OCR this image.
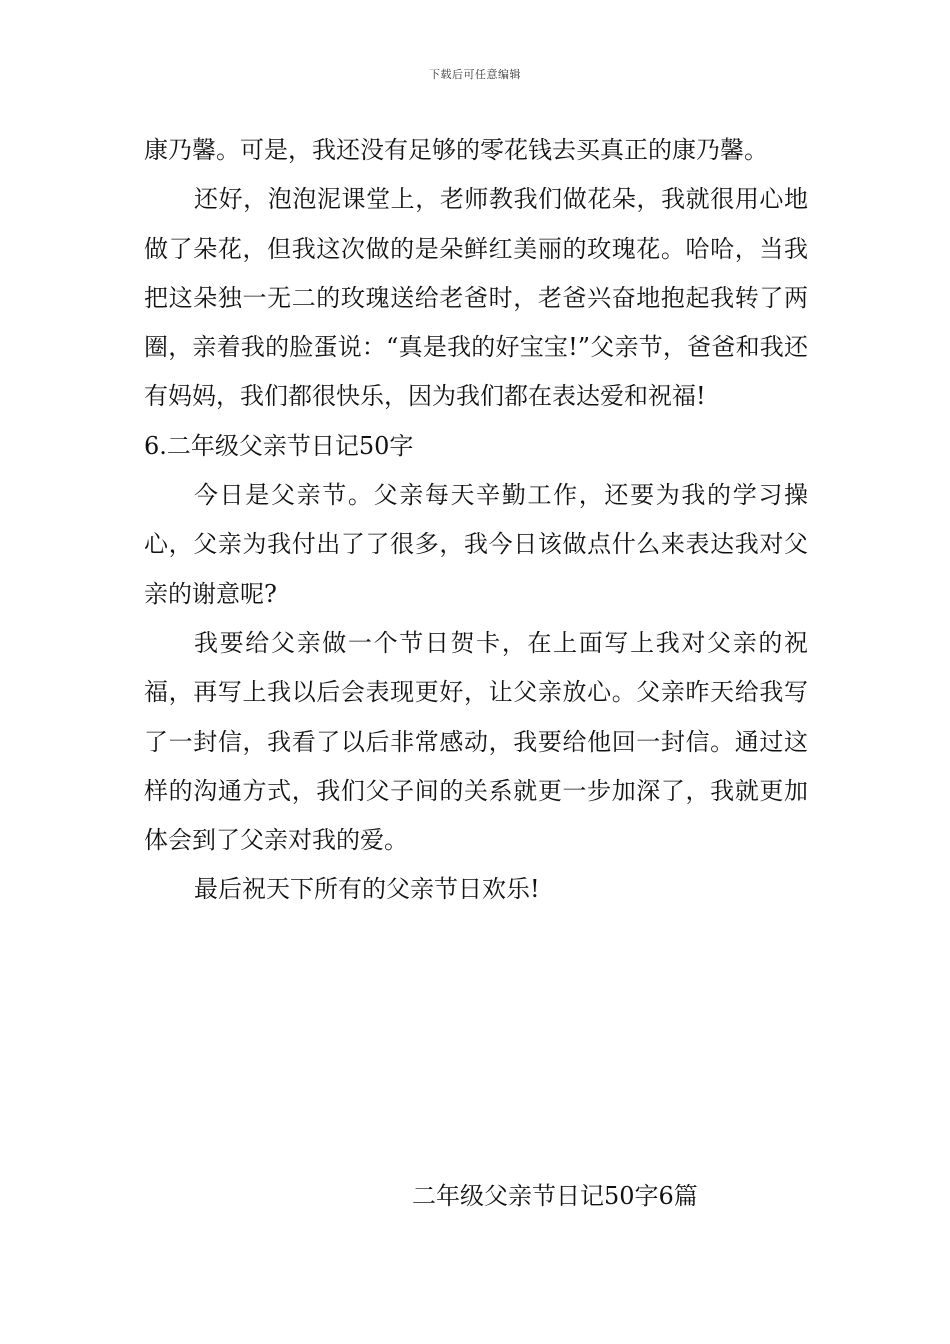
下载后可任意编辑

康乃馨。可是，我还没有足够的零花钱去买真正的康乃馨。

还好，泡泡泥课堂上，老师教我们做花朵，我就很用心地做了朵花，但我这次做的是朵鲜红美丽的玫瑰花。哈哈，当我把这朵独一无二的玫瑰送给老爸时，老爸兴奋地抱起我转了两圈，亲着我的脸蛋说：“真是我的好宝宝!”父亲节，爸爸和我还有妈妈，我们都很快乐，因为我们都在表达爱和祝福!

6.二年级父亲节日记50字

今日是父亲节。父亲每天辛勤工作，还要为我的学习操心，父亲为我付出了了很多，我今日该做点什么来表达我对父亲的谢意呢?

我要给父亲做一个节日贺卡，在上面写上我对父亲的祝福，再写上我以后会表现更好，让父亲放心。父亲昨天给我写了一封信，我看了以后非常感动，我要给他回一封信。通过这样的沟通方式，我们父子间的关系就更一步加深了，我就更加体会到了父亲对我的爱。

最后祝天下所有的父亲节日欢乐!

二年级父亲节日记50字6篇
